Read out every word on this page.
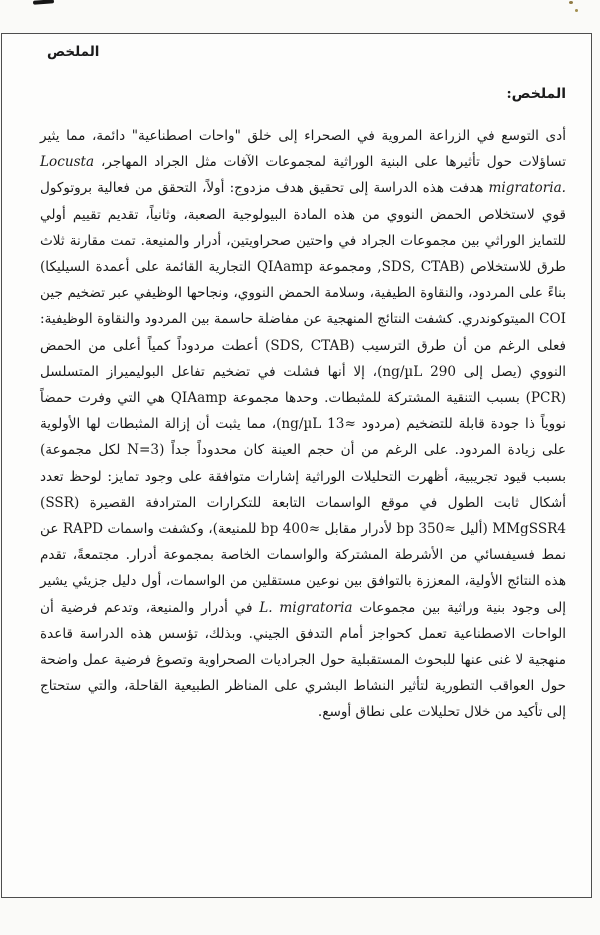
الملخص
الملخص:

أدى التوسع في الزراعة المروية في الصحراء إلى خلق "واحات اصطناعية" دائمة، مما يثير تساؤلات حول تأثيرها على البنية الوراثية لمجموعات الآفات مثل الجراد المهاجر، Locusta migratoria. هدفت هذه الدراسة إلى تحقيق هدف مزدوج: أولاً، التحقق من فعالية بروتوكول قوي لاستخلاص الحمض النووي من هذه المادة البيولوجية الصعبة، وثانياً، تقديم تقييم أولي للتمايز الوراثي بين مجموعات الجراد في واحتين صحراويتين، أدرار والمنيعة. تمت مقارنة ثلاث طرق للاستخلاص (SDS, CTAB, ومجموعة QIAamp التجارية القائمة على أعمدة السيليكا) بناءً على المردود، والنقاوة الطيفية، وسلامة الحمض النووي، ونجاحها الوظيفي عبر تضخيم جين COI الميتوكوندري. كشفت النتائج المنهجية عن مفاضلة حاسمة بين المردود والنقاوة الوظيفية: فعلى الرغم من أن طرق الترسيب (SDS, CTAB) أعطت مردوداً كمياً أعلى من الحمض النووي (يصل إلى 290 ng/µL)، إلا أنها فشلت في تضخيم تفاعل البوليميراز المتسلسل (PCR) بسبب التنقية المشتركة للمثبطات. وحدها مجموعة QIAamp هي التي وفرت حمضاً نووياً ذا جودة قابلة للتضخيم (مردود ≈13 ng/µL)، مما يثبت أن إزالة المثبطات لها الأولوية على زيادة المردود. على الرغم من أن حجم العينة كان محدوداً جداً (N=3 لكل مجموعة) بسبب قيود تجريبية، أظهرت التحليلات الوراثية إشارات متوافقة على وجود تمايز: لوحظ تعدد أشكال ثابت الطول في موقع الواسمات التابعة للتكرارات المترادفة القصيرة (SSR) MMgSSR4 (أليل ≈350 bp لأدرار مقابل ≈400 bp للمنيعة)، وكشفت واسمات RAPD عن نمط فسيفسائي من الأشرطة المشتركة والواسمات الخاصة بمجموعة أدرار. مجتمعةً، تقدم هذه النتائج الأولية، المعززة بالتوافق بين نوعين مستقلين من الواسمات، أول دليل جزيئي يشير إلى وجود بنية وراثية بين مجموعات L. migratoria في أدرار والمنيعة، وتدعم فرضية أن الواحات الاصطناعية تعمل كحواجز أمام التدفق الجيني. وبذلك، تؤسس هذه الدراسة قاعدة منهجية لا غنى عنها للبحوث المستقبلية حول الجراديات الصحراوية وتصوغ فرضية عمل واضحة حول العواقب التطورية لتأثير النشاط البشري على المناظر الطبيعية القاحلة، والتي ستحتاج إلى تأكيد من خلال تحليلات على نطاق أوسع.
